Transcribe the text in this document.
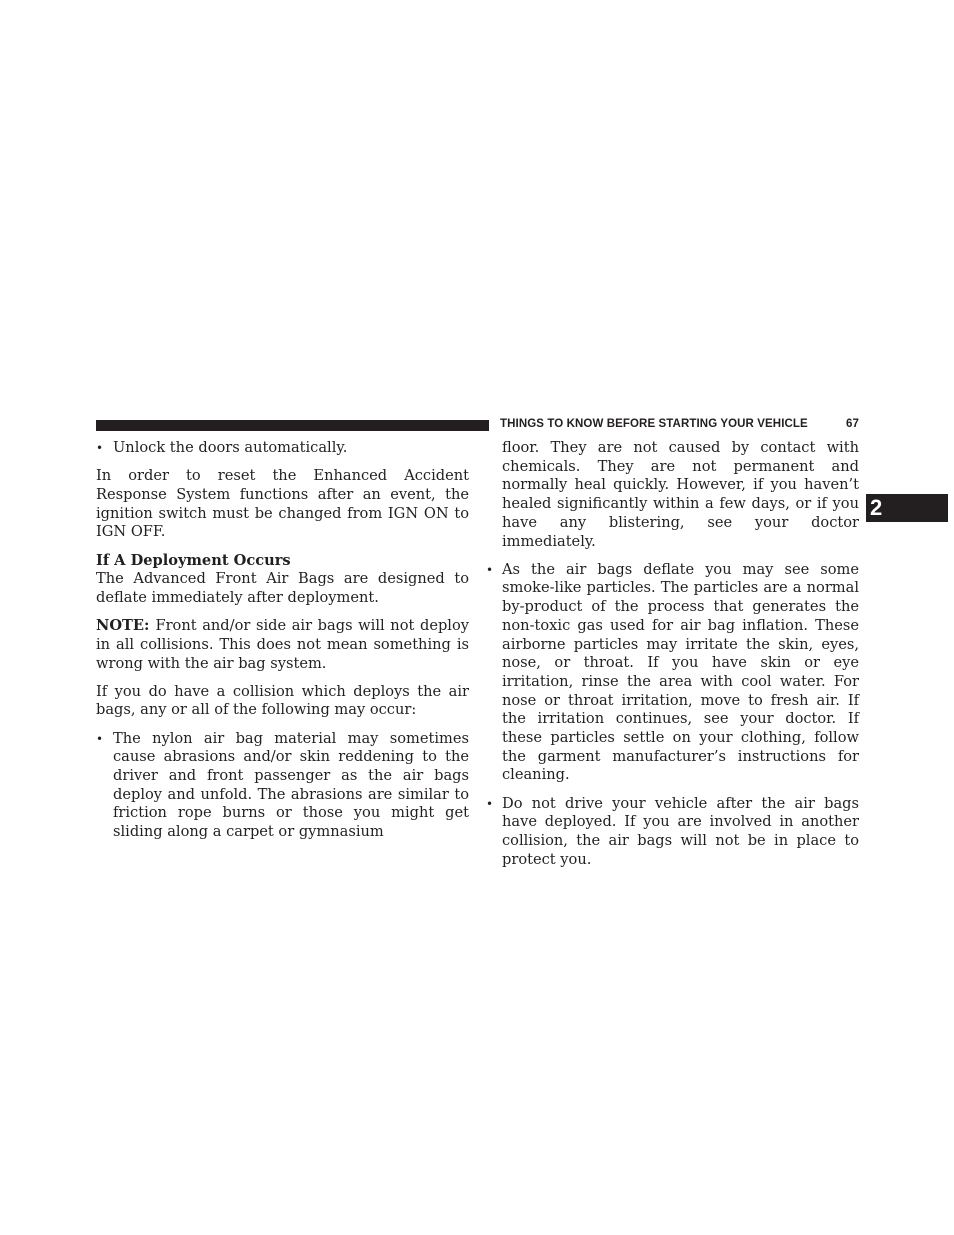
THINGS TO KNOW BEFORE STARTING YOUR VEHICLE	67
2
• Unlock the doors automatically.

In order to reset the Enhanced Accident Response System functions after an event, the ignition switch must be changed from IGN ON to IGN OFF.

If A Deployment Occurs

The Advanced Front Air Bags are designed to deflate immediately after deployment.

NOTE: Front and/or side air bags will not deploy in all collisions. This does not mean something is wrong with the air bag system.

If you do have a collision which deploys the air bags, any or all of the following may occur:

• The nylon air bag material may sometimes cause abrasions and/or skin reddening to the driver and front passenger as the air bags deploy and unfold. The abrasions are similar to friction rope burns or those you might get sliding along a carpet or gymnasium
floor. They are not caused by contact with chemicals. They are not permanent and normally heal quickly. However, if you haven’t healed significantly within a few days, or if you have any blistering, see your doctor immediately.
• As the air bags deflate you may see some smoke-like particles. The particles are a normal by-product of the process that generates the non-toxic gas used for air bag inflation. These airborne particles may irritate the skin, eyes, nose, or throat. If you have skin or eye irritation, rinse the area with cool water. For nose or throat irritation, move to fresh air. If the irritation continues, see your doctor. If these particles settle on your clothing, follow the garment manufacturer’s instructions for cleaning.
• Do not drive your vehicle after the air bags have deployed. If you are involved in another collision, the air bags will not be in place to protect you.
